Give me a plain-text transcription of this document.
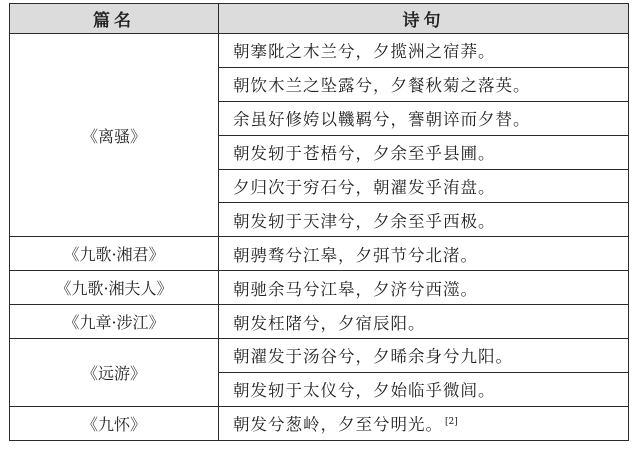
篇名	诗句
《离骚》	朝搴阰之木兰兮，夕揽洲之宿莽。
	朝饮木兰之坠露兮，夕餐秋菊之落英。
	余虽好修姱以鞿羁兮，謇朝谇而夕替。
	朝发轫于苍梧兮，夕余至乎县圃。
	夕归次于穷石兮，朝濯发乎洧盘。
	朝发轫于天津兮，夕余至乎西极。
《九歌·湘君》	朝骋骛兮江皋，夕弭节兮北渚。
《九歌·湘夫人》	朝驰余马兮江皋，夕济兮西澨。
《九章·涉江》	朝发枉陼兮，夕宿辰阳。
《远游》	朝濯发于汤谷兮，夕晞余身兮九阳。
	朝发轫于太仪兮，夕始临乎微闾。
《九怀》	朝发兮葱岭，夕至兮明光。 [2]
